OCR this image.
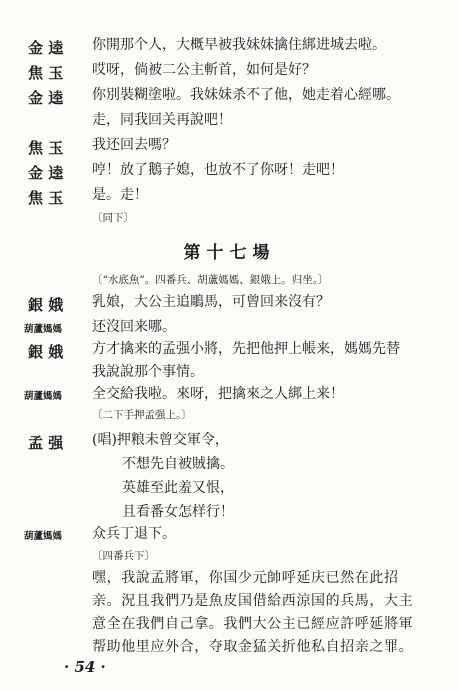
金 逵	你開那个人，大概早被我妹妹擒住綁进城去啦。
焦 玉	哎呀，倘被二公主斬首，如何是好？
金 逵	你別裝糊塗啦。我妹妹杀不了他，她走着心經哪。
走，同我回关再說吧！
焦 玉	我还回去嗎？
金 逵	哼！放了鵝子媳，也放不了你呀！走吧！
焦 玉	是。走！
〔同下〕
第十七場
〔“水底魚”。四番兵、胡蘆媽媽、銀娥上。归坐。〕
銀 娥	乳娘，大公主追鵰馬，可曾回来沒有？
葫蘆媽媽	还沒回来哪。
銀 娥	方才擒来的孟强小將，先把他押上帳来，媽媽先替
我說說那个事情。
葫蘆媽媽	全交給我啦。來呀，把擒來之人綁上来！
〔二下手押孟强上。〕
孟 强	(唱)押粮未曾交軍令，
不想先自被賊擒。
英雄至此羞又恨，
且看番女怎样行！
葫蘆媽媽	众兵丁退下。
〔四番兵下〕
嘿，我說孟將軍，你国少元帥呼延庆已然在此招
亲。況且我們乃是魚皮国借給西涼国的兵馬，大主
意全在我們自己拿。我們大公主已經应許呼延將軍
帮助他里应外合，夺取金猛关折他私自招亲之罪。
· 54 ·
